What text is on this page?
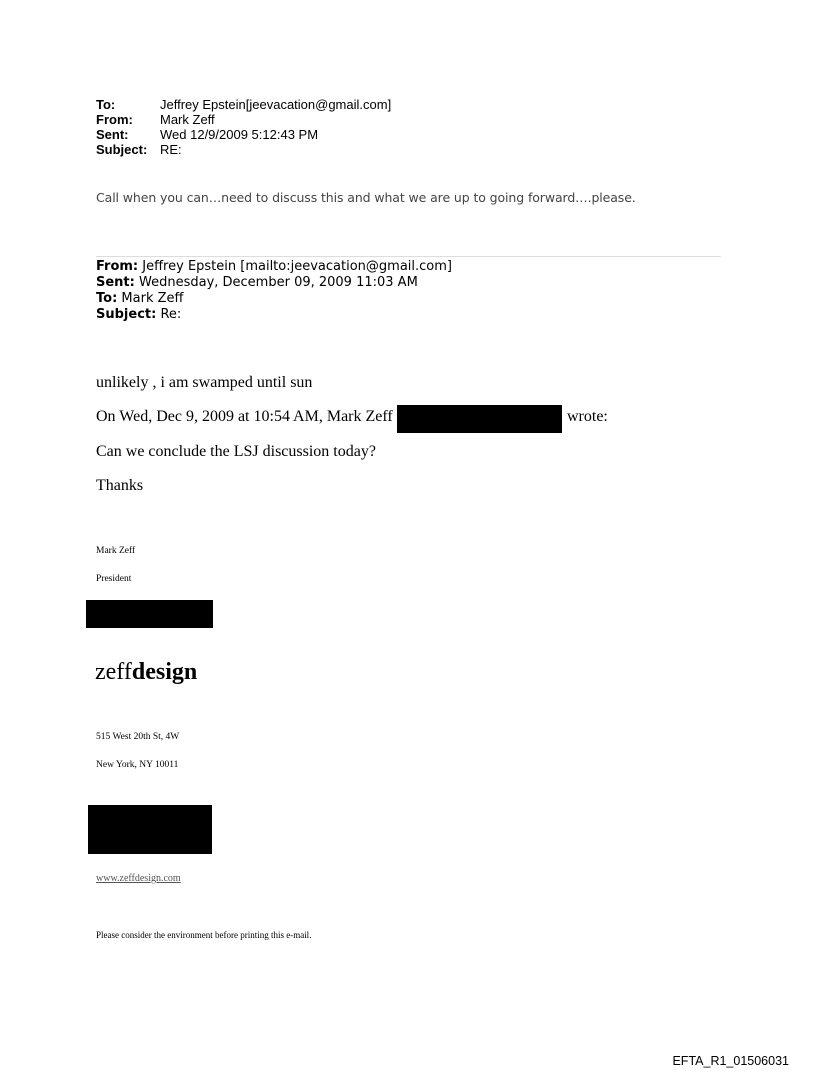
To:	Jeffrey Epstein[jeevacation@gmail.com]
From:	Mark Zeff
Sent:	Wed 12/9/2009 5:12:43 PM
Subject: RE:
Call when you can…need to discuss this and what we are up to going forward….please.
From: Jeffrey Epstein [mailto:jeevacation@gmail.com]
Sent: Wednesday, December 09, 2009 11:03 AM
To: Mark Zeff
Subject: Re:
unlikely , i am swamped until sun
On Wed, Dec 9, 2009 at 10:54 AM, Mark Zeff	wrote:
Can we conclude the LSJ discussion today?
Thanks
Mark Zeff
President
zeffdesign
515 West 20th St, 4W
New York, NY 10011
www.zeffdesign.com
Please consider the environment before printing this e-mail.
EFTA_R1_01506031
